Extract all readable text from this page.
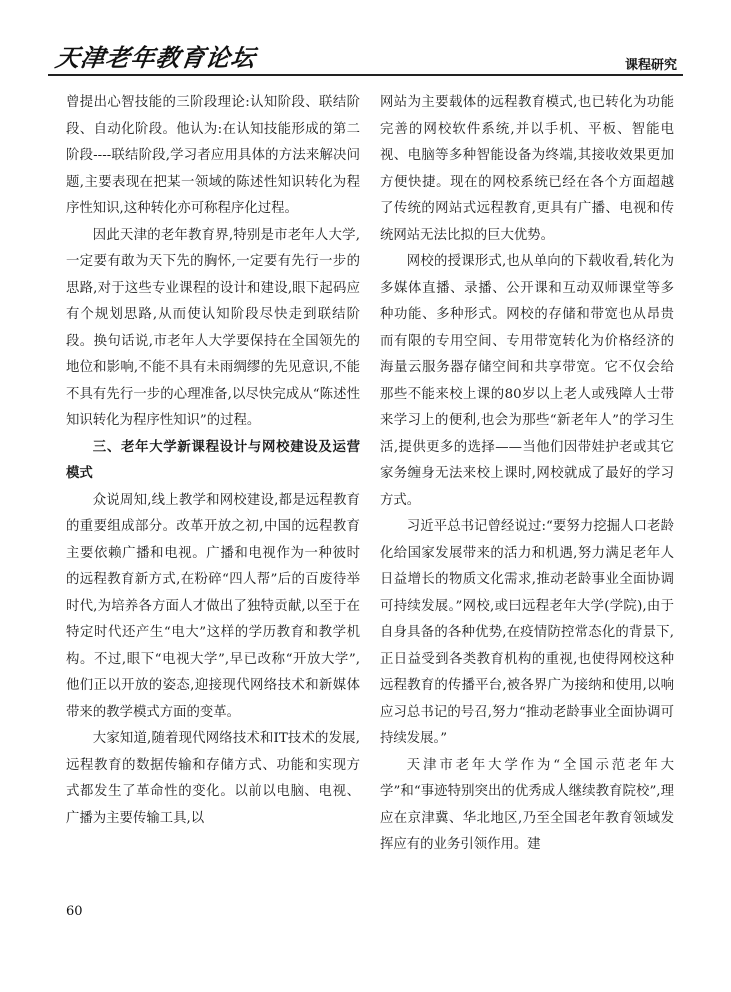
天津老年教育论坛	课程研究

曾提出心智技能的三阶段理论:认知阶段、联结阶段、自动化阶段。他认为:在认知技能形成的第二阶段----联结阶段,学习者应用具体的方法来解决问题,主要表现在把某一领域的陈述性知识转化为程序性知识,这种转化亦可称程序化过程。

因此天津的老年教育界,特别是市老年人大学,一定要有敢为天下先的胸怀,一定要有先行一步的思路,对于这些专业课程的设计和建设,眼下起码应有个规划思路,从而使认知阶段尽快走到联结阶段。换句话说,市老年人大学要保持在全国领先的地位和影响,不能不具有未雨绸缪的先见意识,不能不具有先行一步的心理准备,以尽快完成从“陈述性知识转化为程序性知识”的过程。

三、老年大学新课程设计与网校建设及运营模式

众说周知,线上教学和网校建设,都是远程教育的重要组成部分。改革开放之初,中国的远程教育主要依赖广播和电视。广播和电视作为一种彼时的远程教育新方式,在粉碎“四人帮”后的百废待举时代,为培养各方面人才做出了独特贡献,以至于在特定时代还产生“电大”这样的学历教育和教学机构。不过,眼下“电视大学”,早已改称“开放大学”,他们正以开放的姿态,迎接现代网络技术和新媒体带来的教学模式方面的变革。

大家知道,随着现代网络技术和IT技术的发展,远程教育的数据传输和存储方式、功能和实现方式都发生了革命性的变化。以前以电脑、电视、广播为主要传输工具,以

网站为主要载体的远程教育模式,也已转化为功能完善的网校软件系统,并以手机、平板、智能电视、电脑等多种智能设备为终端,其接收效果更加方便快捷。现在的网校系统已经在各个方面超越了传统的网站式远程教育,更具有广播、电视和传统网站无法比拟的巨大优势。

网校的授课形式,也从单向的下载收看,转化为多媒体直播、录播、公开课和互动双师课堂等多种功能、多种形式。网校的存储和带宽也从昂贵而有限的专用空间、专用带宽转化为价格经济的海量云服务器存储空间和共享带宽。它不仅会给那些不能来校上课的80岁以上老人或残障人士带来学习上的便利,也会为那些“新老年人”的学习生活,提供更多的选择——当他们因带娃护老或其它家务缠身无法来校上课时,网校就成了最好的学习方式。

习近平总书记曾经说过:“要努力挖掘人口老龄化给国家发展带来的活力和机遇,努力满足老年人日益增长的物质文化需求,推动老龄事业全面协调可持续发展。”网校,或曰远程老年大学(学院),由于自身具备的各种优势,在疫情防控常态化的背景下,正日益受到各类教育机构的重视,也使得网校这种远程教育的传播平台,被各界广为接纳和使用,以响应习总书记的号召,努力“推动老龄事业全面协调可持续发展。”

天津市老年大学作为“全国示范老年大学”和“事迹特别突出的优秀成人继续教育院校”,理应在京津冀、华北地区,乃至全国老年教育领域发挥应有的业务引领作用。建

60
